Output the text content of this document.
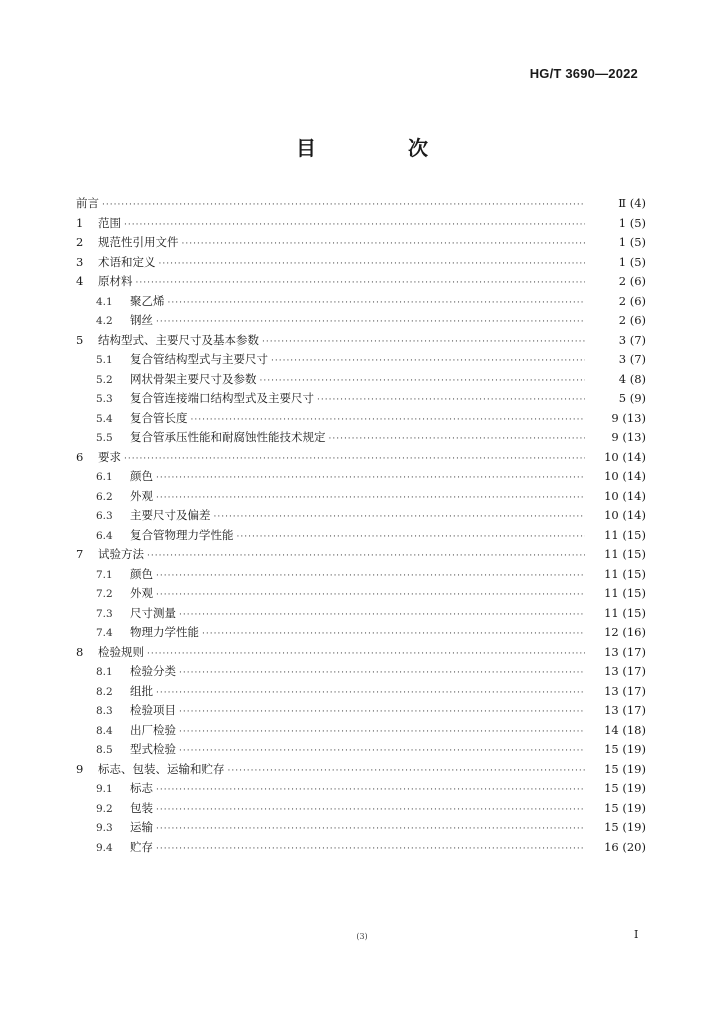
HG/T 3690—2022
目　次
前言 ·····	Ⅱ (4)
1	范围 ·····	1 (5)
2	规范性引用文件 ·····	1 (5)
3	术语和定义 ·····	1 (5)
4	原材料 ·····	2 (6)
4.1	聚乙烯 ·····	2 (6)
4.2	钢丝 ·····	2 (6)
5	结构型式、主要尺寸及基本参数 ·····	3 (7)
5.1	复合管结构型式与主要尺寸 ·····	3 (7)
5.2	网状骨架主要尺寸及参数 ·····	4 (8)
5.3	复合管连接端口结构型式及主要尺寸 ·····	5 (9)
5.4	复合管长度 ·····	9 (13)
5.5	复合管承压性能和耐腐蚀性能技术规定 ·····	9 (13)
6	要求 ·····	10 (14)
6.1	颜色 ·····	10 (14)
6.2	外观 ·····	10 (14)
6.3	主要尺寸及偏差 ·····	10 (14)
6.4	复合管物理力学性能 ·····	11 (15)
7	试验方法 ·····	11 (15)
7.1	颜色 ·····	11 (15)
7.2	外观 ·····	11 (15)
7.3	尺寸测量 ·····	11 (15)
7.4	物理力学性能 ·····	12 (16)
8	检验规则 ·····	13 (17)
8.1	检验分类 ·····	13 (17)
8.2	组批 ·····	13 (17)
8.3	检验项目 ·····	13 (17)
8.4	出厂检验 ·····	14 (18)
8.5	型式检验 ·····	15 (19)
9	标志、包装、运输和贮存 ·····	15 (19)
9.1	标志 ·····	15 (19)
9.2	包装 ·····	15 (19)
9.3	运输 ·····	15 (19)
9.4	贮存 ·····	16 (20)
(3)	Ⅰ
